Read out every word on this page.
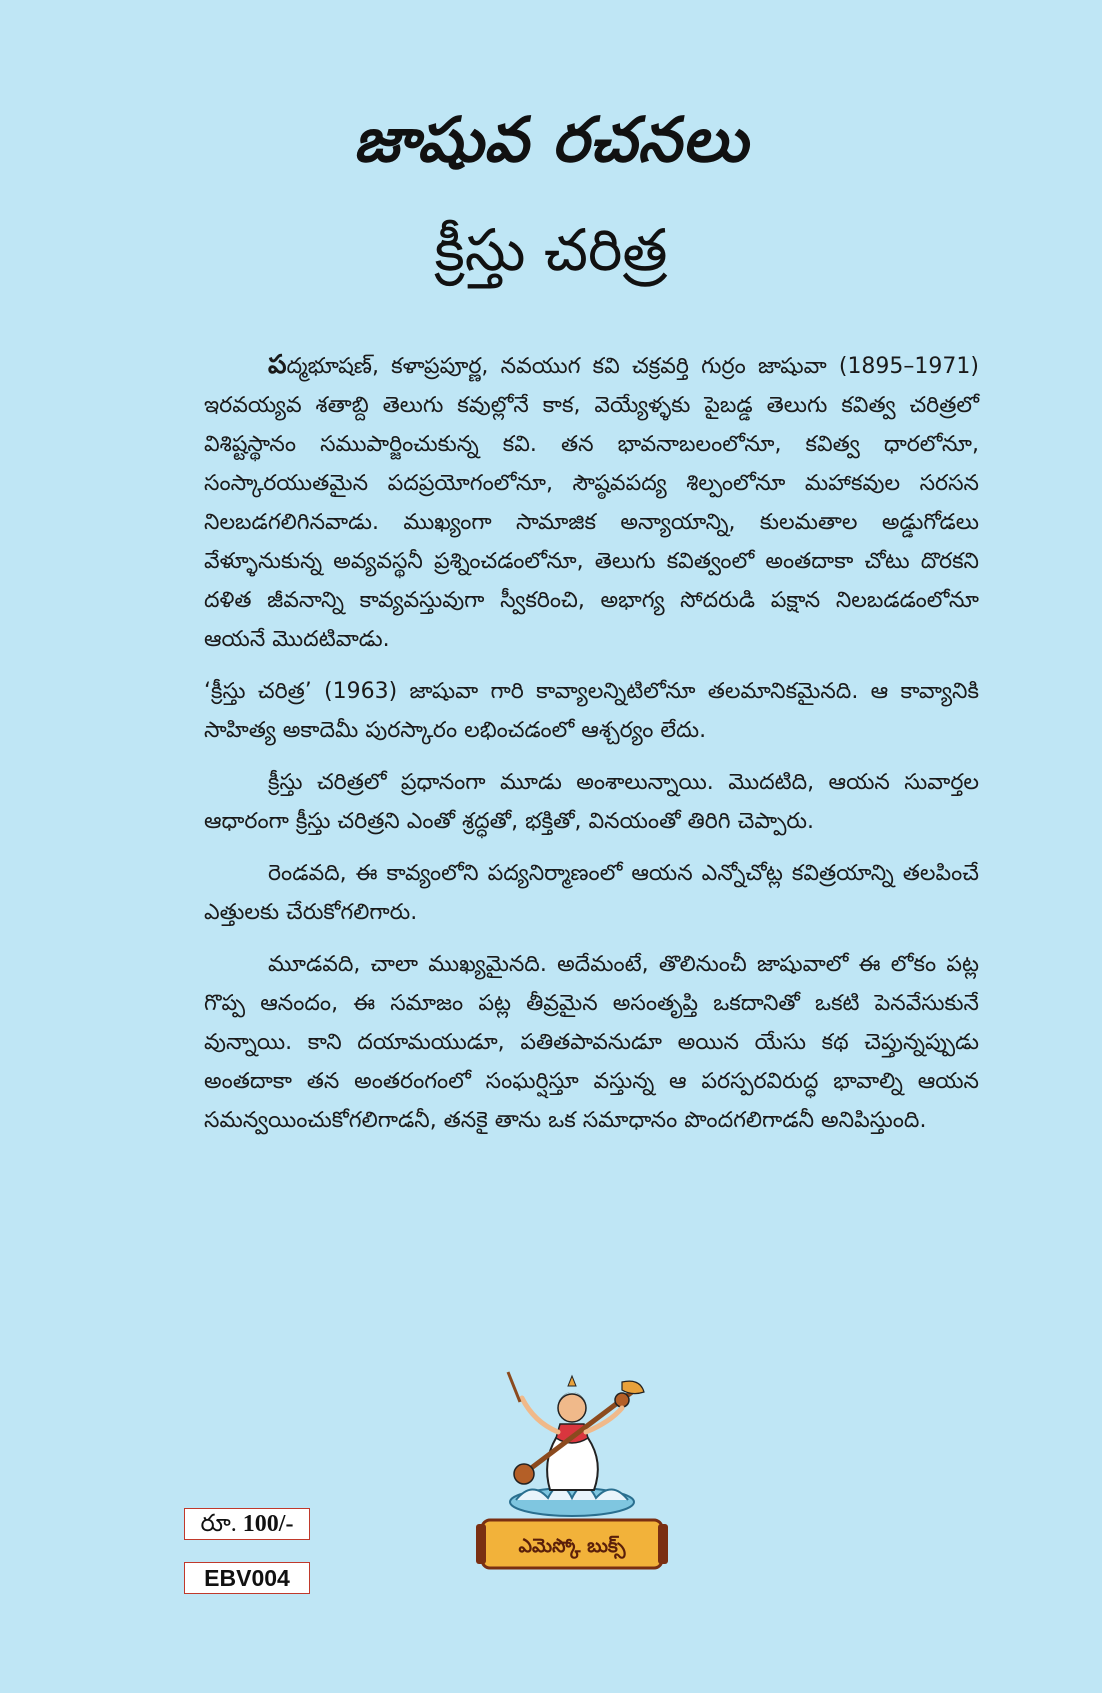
జాషువ రచనలు
క్రీస్తు చరిత్ర

పద్మభూషణ్, కళాప్రపూర్ణ, నవయుగ కవి చక్రవర్తి గుర్రం జాషువా (1895–1971) ఇరవయ్యవ శతాబ్ది తెలుగు కవుల్లోనే కాక, వెయ్యేళ్ళకు పైబడ్డ తెలుగు కవిత్వ చరిత్రలో విశిష్టస్థానం సముపార్జించుకున్న కవి. తన భావనాబలంలోనూ, కవిత్వ ధారలోనూ, సంస్కారయుతమైన పదప్రయోగంలోనూ, సౌష్ఠవపద్య శిల్పంలోనూ మహాకవుల సరసన నిలబడగలిగినవాడు. ముఖ్యంగా సామాజిక అన్యాయాన్ని, కులమతాల అడ్డుగోడలు వేళ్ళూనుకున్న అవ్యవస్థనీ ప్రశ్నించడంలోనూ, తెలుగు కవిత్వంలో అంతదాకా చోటు దొరకని దళిత జీవనాన్ని కావ్యవస్తువుగా స్వీకరించి, అభాగ్య సోదరుడి పక్షాన నిలబడడంలోనూ ఆయనే మొదటివాడు.

‘క్రీస్తు చరిత్ర’ (1963) జాషువా గారి కావ్యాలన్నిటిలోనూ తలమానికమైనది. ఆ కావ్యానికి సాహిత్య అకాదెమీ పురస్కారం లభించడంలో ఆశ్చర్యం లేదు.

క్రీస్తు చరిత్రలో ప్రధానంగా మూడు అంశాలున్నాయి. మొదటిది, ఆయన సువార్తల ఆధారంగా క్రీస్తు చరిత్రని ఎంతో శ్రద్ధతో, భక్తితో, వినయంతో తిరిగి చెప్పారు.

రెండవది, ఈ కావ్యంలోని పద్యనిర్మాణంలో ఆయన ఎన్నోచోట్ల కవిత్రయాన్ని తలపించే ఎత్తులకు చేరుకోగలిగారు.

మూడవది, చాలా ముఖ్యమైనది. అదేమంటే, తొలినుంచీ జాషువాలో ఈ లోకం పట్ల గొప్ప ఆనందం, ఈ సమాజం పట్ల తీవ్రమైన అసంతృప్తి ఒకదానితో ఒకటి పెనవేసుకునే వున్నాయి. కాని దయామయుడూ, పతితపావనుడూ అయిన యేసు కథ చెప్తున్నప్పుడు అంతదాకా తన అంతరంగంలో సంఘర్షిస్తూ వస్తున్న ఆ పరస్పరవిరుద్ధ భావాల్ని ఆయన సమన్వయించుకోగలిగాడనీ, తనకై తాను ఒక సమాధానం పొందగలిగాడనీ అనిపిస్తుంది.

ఎమెస్కో బుక్స్
రూ. 100/-
EBV004
